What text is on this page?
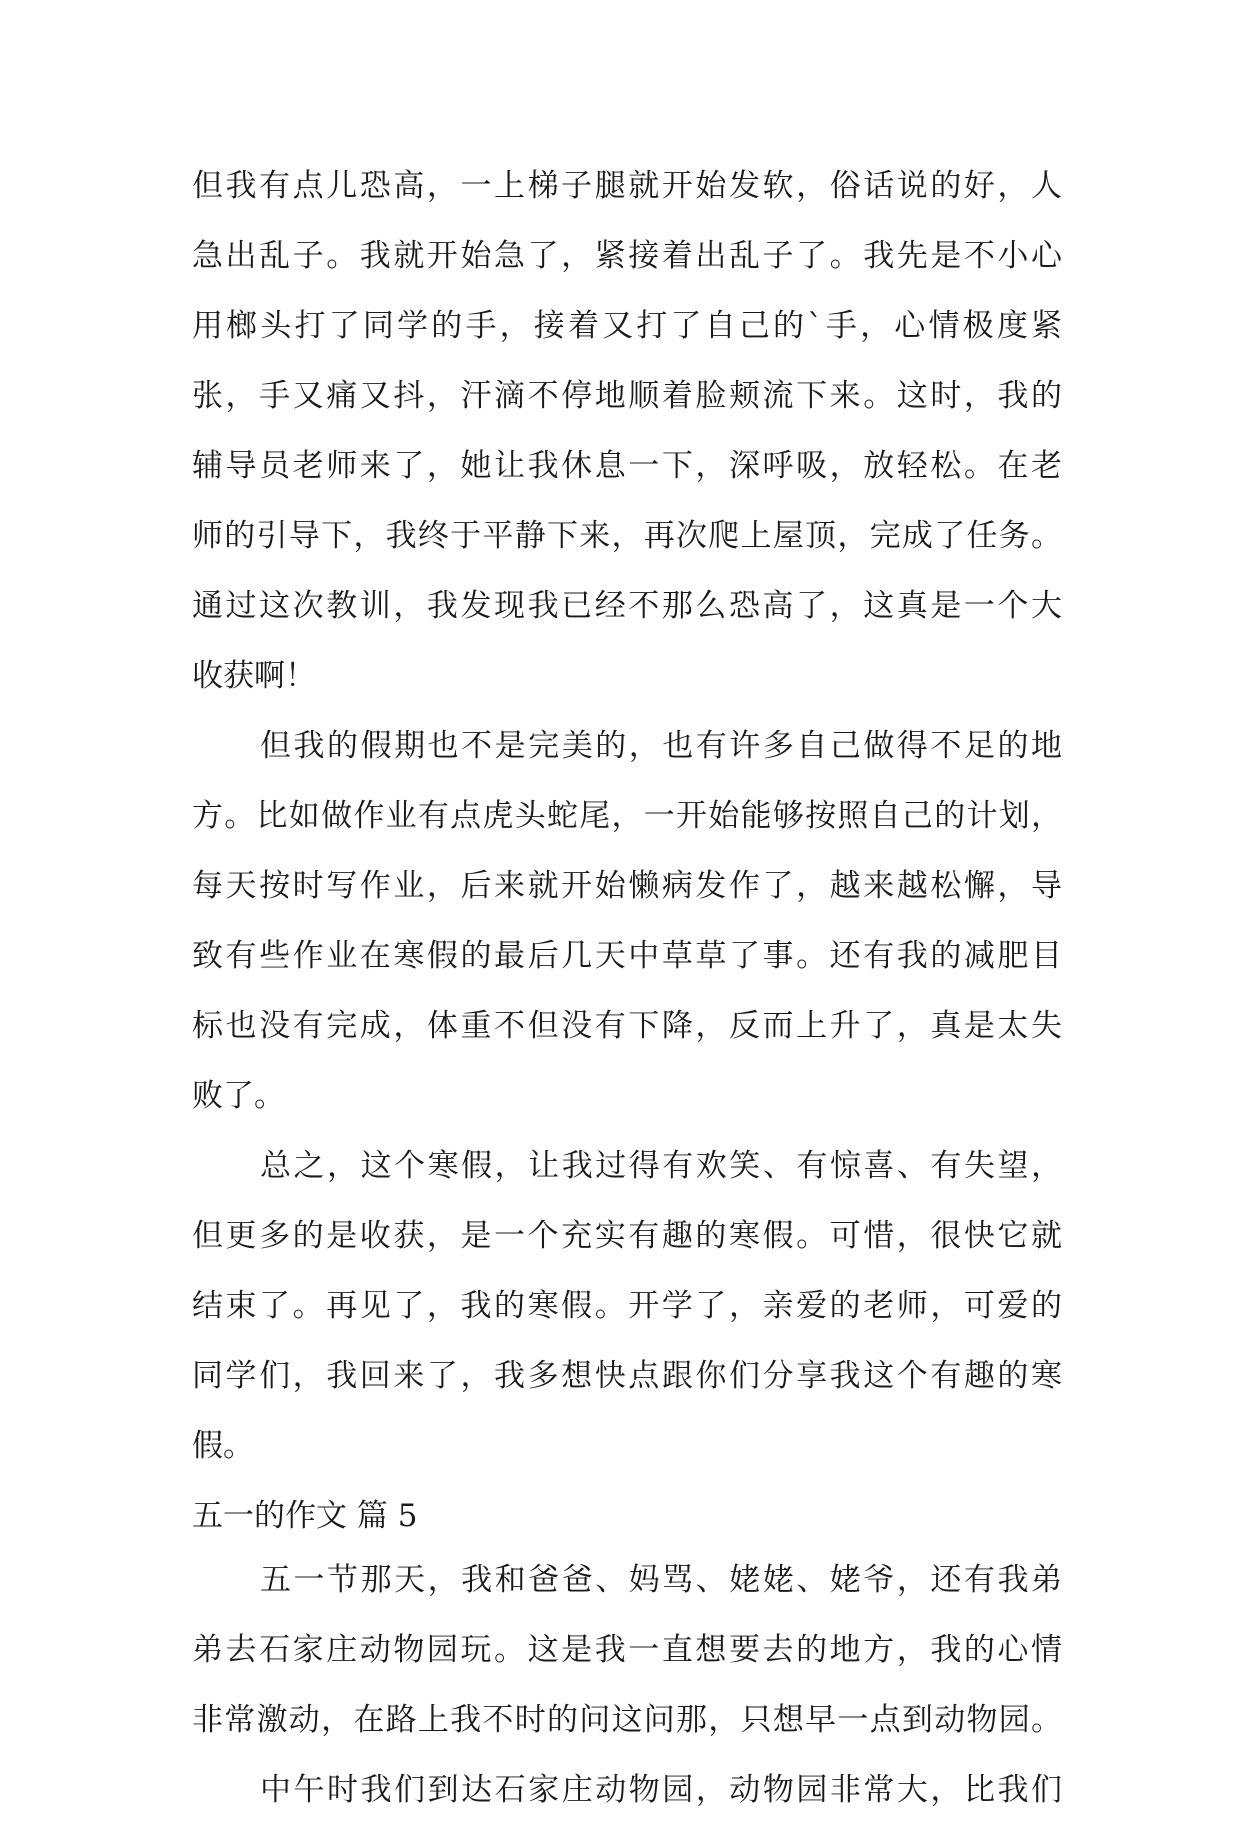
但我有点儿恐高，一上梯子腿就开始发软，俗话说的好，人
急出乱子。我就开始急了，紧接着出乱子了。我先是不小心
用榔头打了同学的手，接着又打了自己的`手，心情极度紧
张，手又痛又抖，汗滴不停地顺着脸颊流下来。这时，我的
辅导员老师来了，她让我休息一下，深呼吸，放轻松。在老
师的引导下，我终于平静下来，再次爬上屋顶，完成了任务。
通过这次教训，我发现我已经不那么恐高了，这真是一个大
收获啊！
但我的假期也不是完美的，也有许多自己做得不足的地
方。比如做作业有点虎头蛇尾，一开始能够按照自己的计划，
每天按时写作业，后来就开始懒病发作了，越来越松懈，导
致有些作业在寒假的最后几天中草草了事。还有我的减肥目
标也没有完成，体重不但没有下降，反而上升了，真是太失
败了。
总之，这个寒假，让我过得有欢笑、有惊喜、有失望，
但更多的是收获，是一个充实有趣的寒假。可惜，很快它就
结束了。再见了，我的寒假。开学了，亲爱的老师，可爱的
同学们，我回来了，我多想快点跟你们分享我这个有趣的寒
假。
五一的作文 篇 5
五一节那天，我和爸爸、妈骂、姥姥、姥爷，还有我弟
弟去石家庄动物园玩。这是我一直想要去的地方，我的心情
非常激动，在路上我不时的问这问那，只想早一点到动物园。
中午时我们到达石家庄动物园，动物园非常大，比我们
